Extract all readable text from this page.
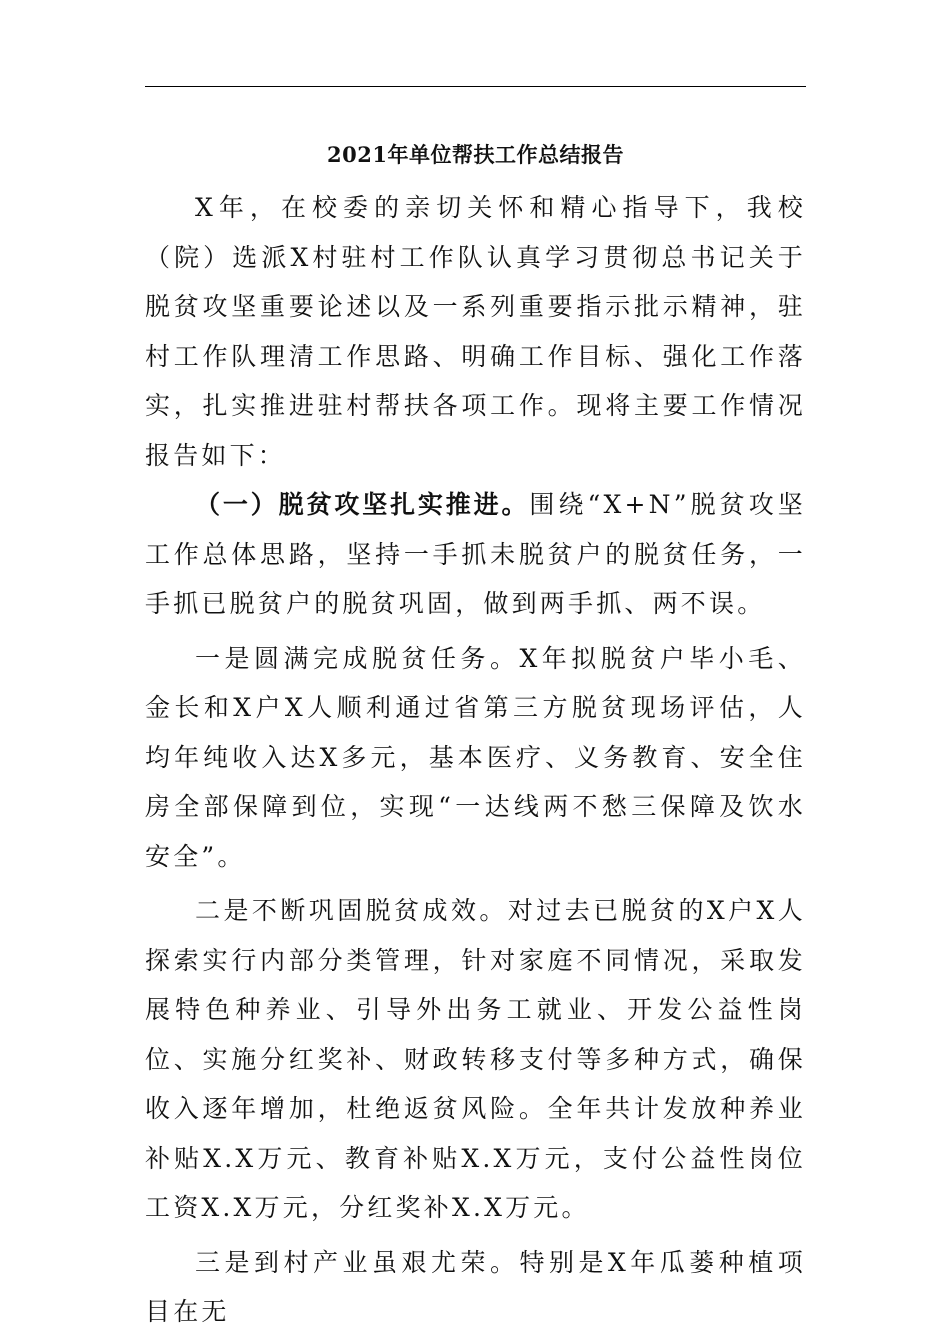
2021年单位帮扶工作总结报告

X年，在校委的亲切关怀和精心指导下，我校（院）选派X村驻村工作队认真学习贯彻总书记关于脱贫攻坚重要论述以及一系列重要指示批示精神，驻村工作队理清工作思路、明确工作目标、强化工作落实，扎实推进驻村帮扶各项工作。现将主要工作情况报告如下：

（一）脱贫攻坚扎实推进。围绕“X+N”脱贫攻坚工作总体思路，坚持一手抓未脱贫户的脱贫任务，一手抓已脱贫户的脱贫巩固，做到两手抓、两不误。

一是圆满完成脱贫任务。X年拟脱贫户毕小毛、金长和X户X人顺利通过省第三方脱贫现场评估，人均年纯收入达X多元，基本医疗、义务教育、安全住房全部保障到位，实现“一达线两不愁三保障及饮水安全”。

二是不断巩固脱贫成效。对过去已脱贫的X户X人探索实行内部分类管理，针对家庭不同情况，采取发展特色种养业、引导外出务工就业、开发公益性岗位、实施分红奖补、财政转移支付等多种方式，确保收入逐年增加，杜绝返贫风险。全年共计发放种养业补贴X.X万元、教育补贴X.X万元，支付公益性岗位工资X.X万元，分红奖补X.X万元。

三是到村产业虽艰尤荣。特别是X年瓜蒌种植项目在无
